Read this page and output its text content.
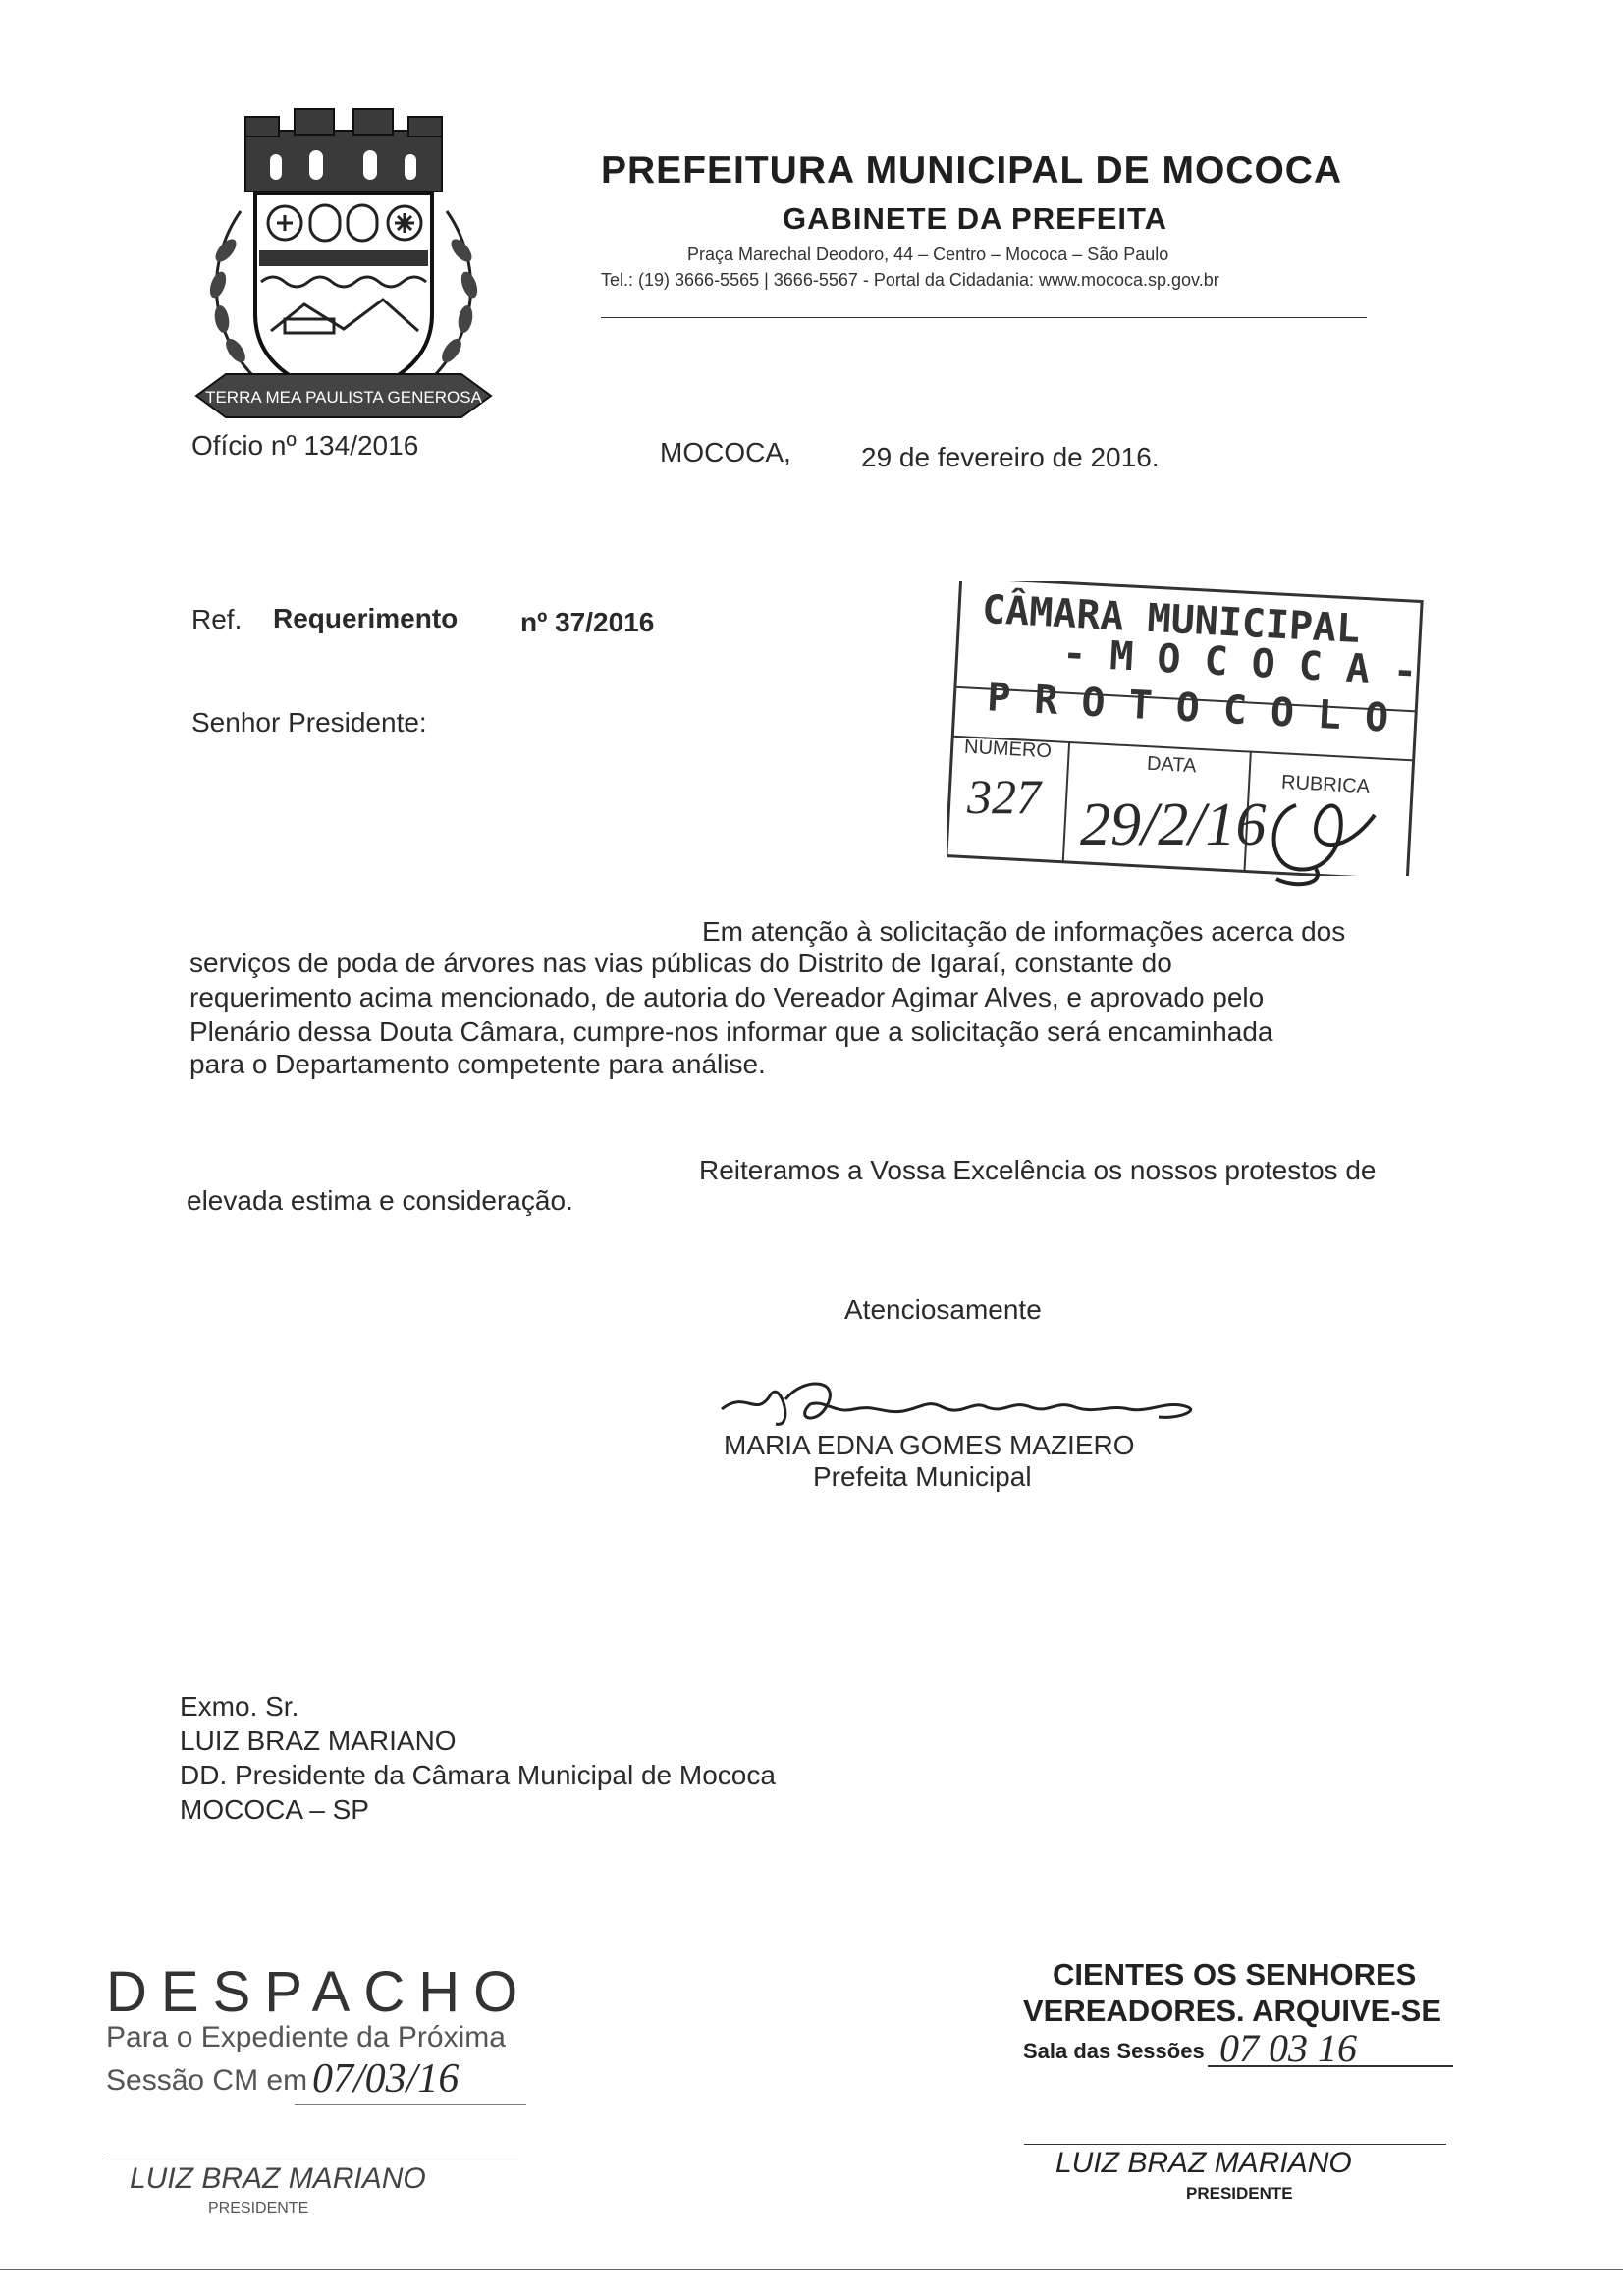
TERRA MEA PAULISTA GENEROSA
PREFEITURA MUNICIPAL DE MOCOCA
GABINETE DA PREFEITA
Praça Marechal Deodoro, 44 – Centro – Mococa – São Paulo
Tel.: (19) 3666-5565 | 3666-5567 - Portal da Cidadania: www.mococa.sp.gov.br
Ofício nº 134/2016	MOCOCA,	29 de fevereiro de 2016.
Ref. Requerimento nº 37/2016
Senhor Presidente:
CÂMARA MUNICIPAL
- M O C O C A -
P R O T O C O L O
NÚMERO
DATA
RUBRICA
327 29/2/16
Em atenção à solicitação de informações acerca dos
serviços de poda de árvores nas vias públicas do Distrito de Igaraí, constante do
requerimento acima mencionado, de autoria do Vereador Agimar Alves, e aprovado pelo
Plenário dessa Douta Câmara, cumpre-nos informar que a solicitação será encaminhada
para o Departamento competente para análise.
Reiteramos a Vossa Excelência os nossos protestos de
elevada estima e consideração.
Atenciosamente
MARIA EDNA GOMES MAZIERO
Prefeita Municipal
Exmo. Sr.
LUIZ BRAZ MARIANO
DD. Presidente da Câmara Municipal de Mococa
MOCOCA – SP
DESPACHO
Para o Expediente da Próxima
Sessão CM em 07/03/16
LUIZ BRAZ MARIANO
PRESIDENTE
CIENTES OS SENHORES
VEREADORES. ARQUIVE-SE
Sala das Sessões 07 03 16
LUIZ BRAZ MARIANO
PRESIDENTE
